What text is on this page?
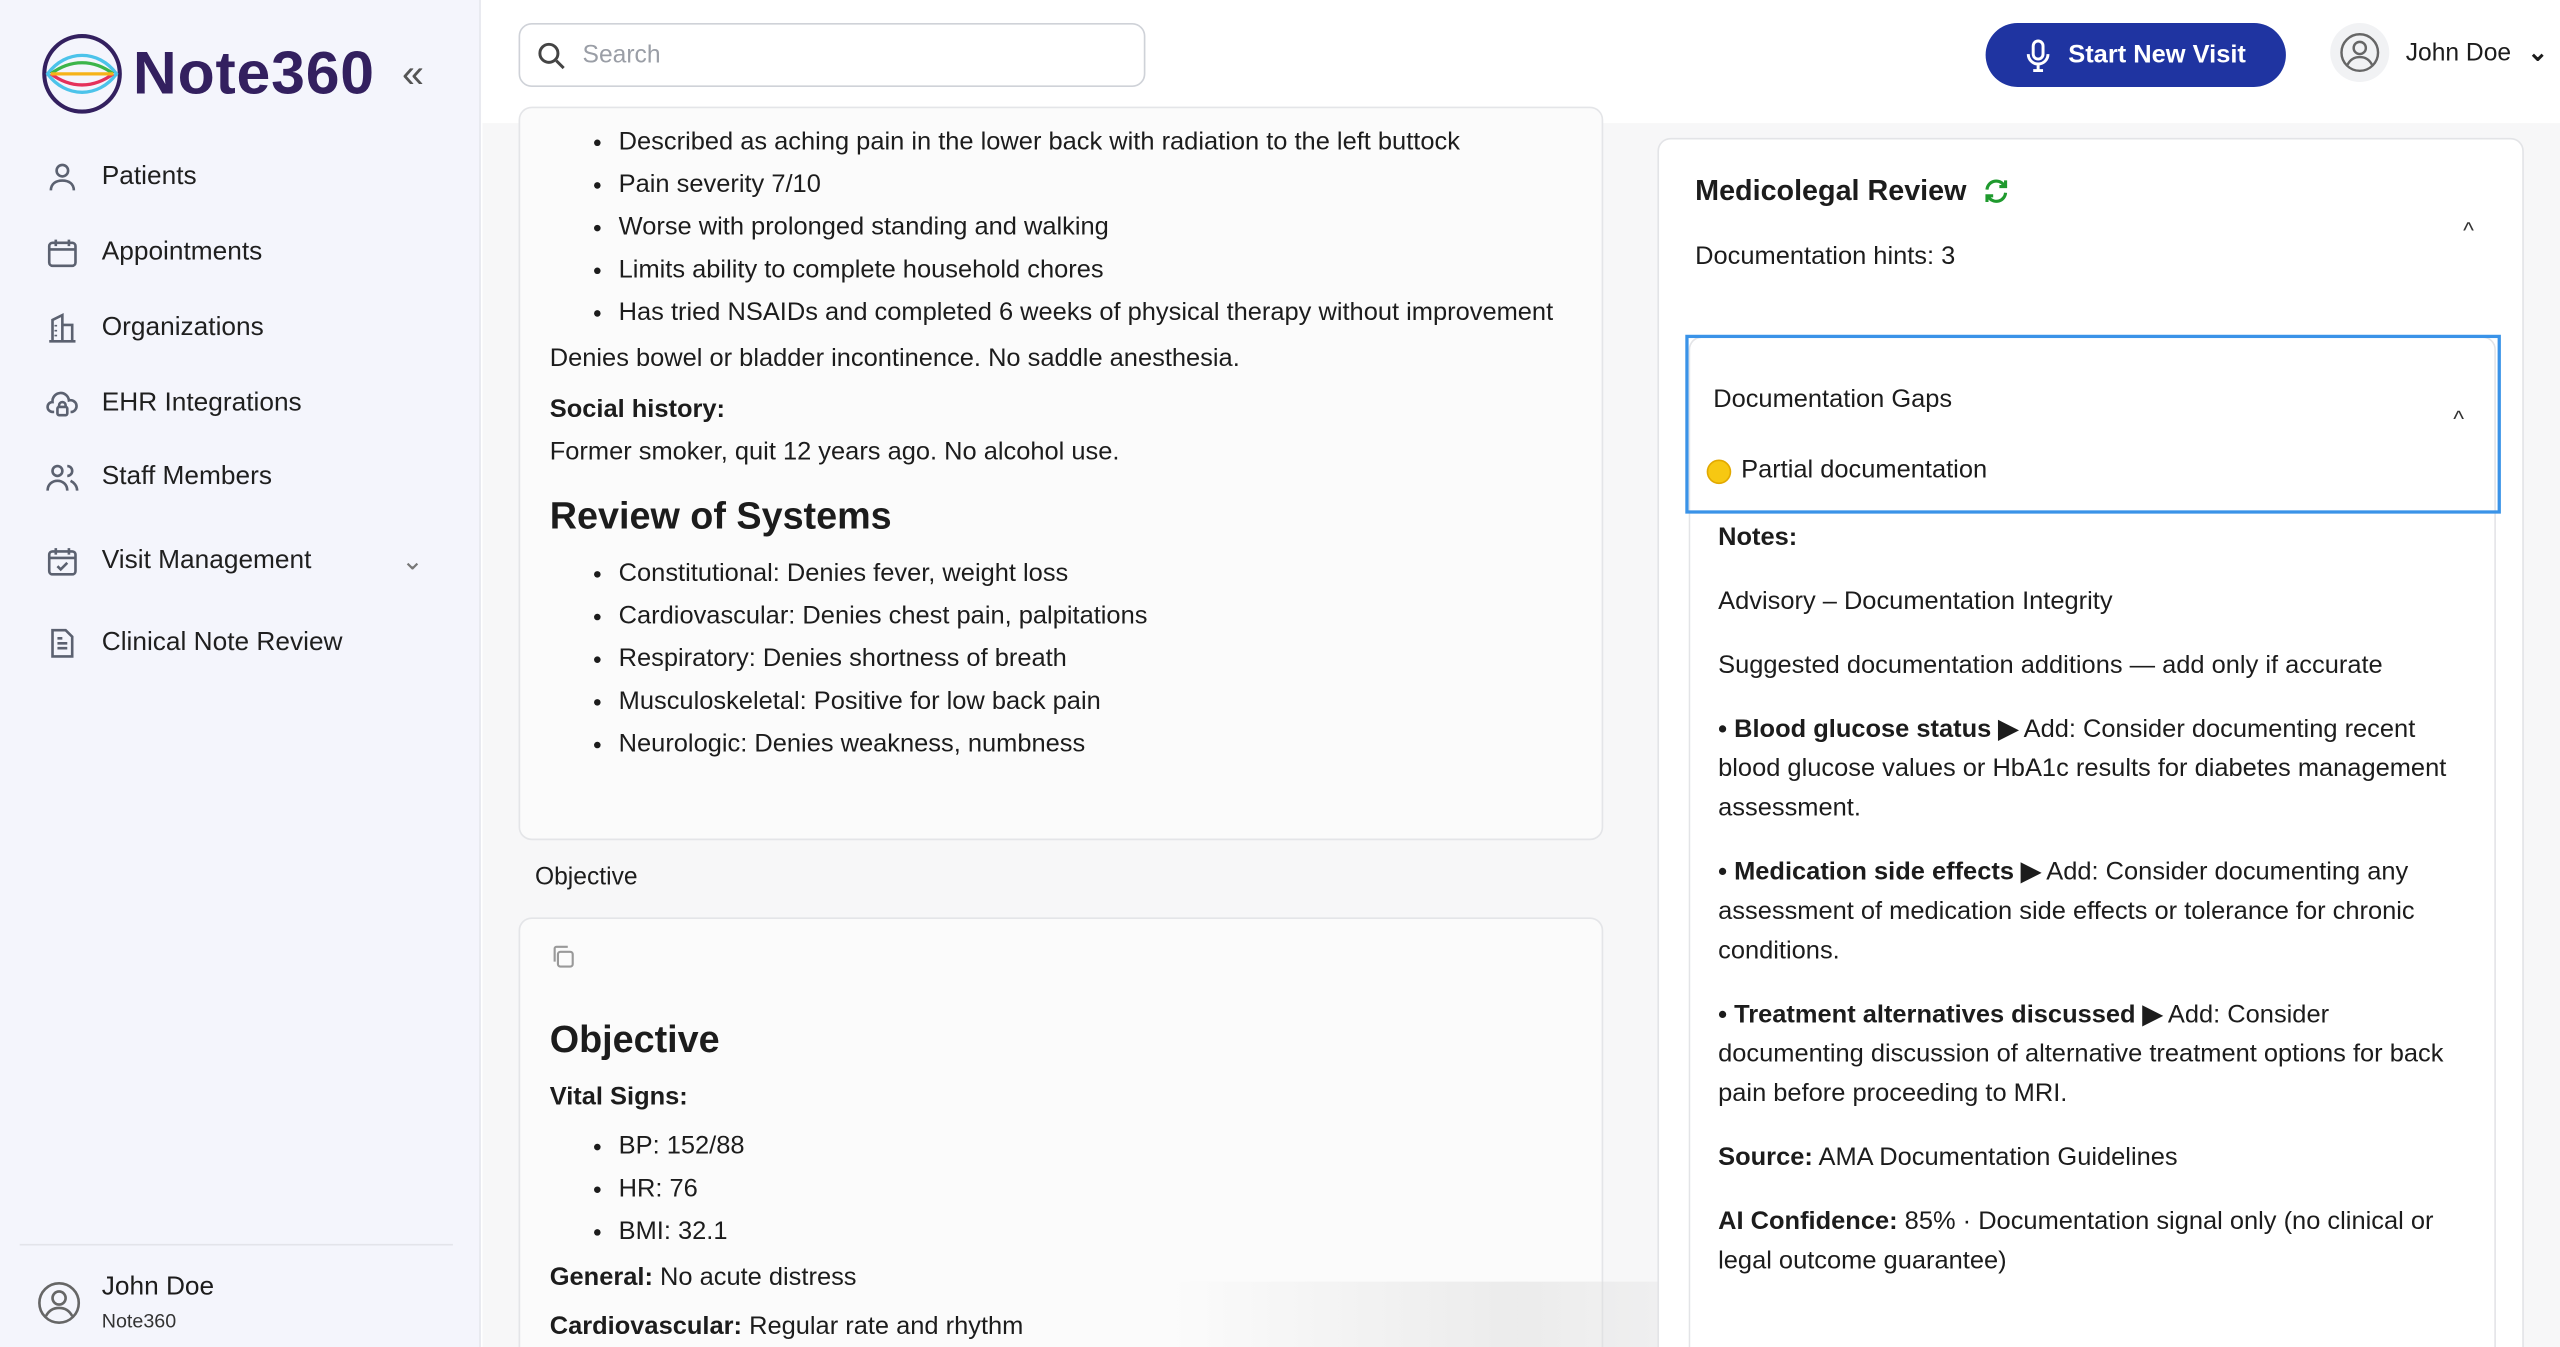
Note360 «
Patients
Appointments
Organizations
EHR Integrations
Staff Members
Visit Management	⌄
Clinical Note Review
John Doe
Note360
Search
Start New Visit	John Doe ⌄
• Described as aching pain in the lower back with radiation to the left buttock
• Pain severity 7/10
• Worse with prolonged standing and walking
• Limits ability to complete household chores
• Has tried NSAIDs and completed 6 weeks of physical therapy without improvement
Denies bowel or bladder incontinence. No saddle anesthesia.
Social history:
Former smoker, quit 12 years ago. No alcohol use.
Review of Systems
• Constitutional: Denies fever, weight loss
• Cardiovascular: Denies chest pain, palpitations
• Respiratory: Denies shortness of breath
• Musculoskeletal: Positive for low back pain
• Neurologic: Denies weakness, numbness
Objective
Objective
Vital Signs:
• BP: 152/88
• HR: 76
• BMI: 32.1
General: No acute distress
Cardiovascular: Regular rate and rhythm
Medicolegal Review
Documentation hints: 3
^
Documentation Gaps
^
Partial documentation

Notes:

Advisory – Documentation Integrity

Suggested documentation additions — add only if accurate

• Blood glucose status ▶ Add: Consider documenting recent blood glucose values or HbA1c results for diabetes management assessment.

• Medication side effects ▶ Add: Consider documenting any assessment of medication side effects or tolerance for chronic conditions.

• Treatment alternatives discussed ▶ Add: Consider documenting discussion of alternative treatment options for back pain before proceeding to MRI.

Source: AMA Documentation Guidelines

AI Confidence: 85% · Documentation signal only (no clinical or legal outcome guarantee)
